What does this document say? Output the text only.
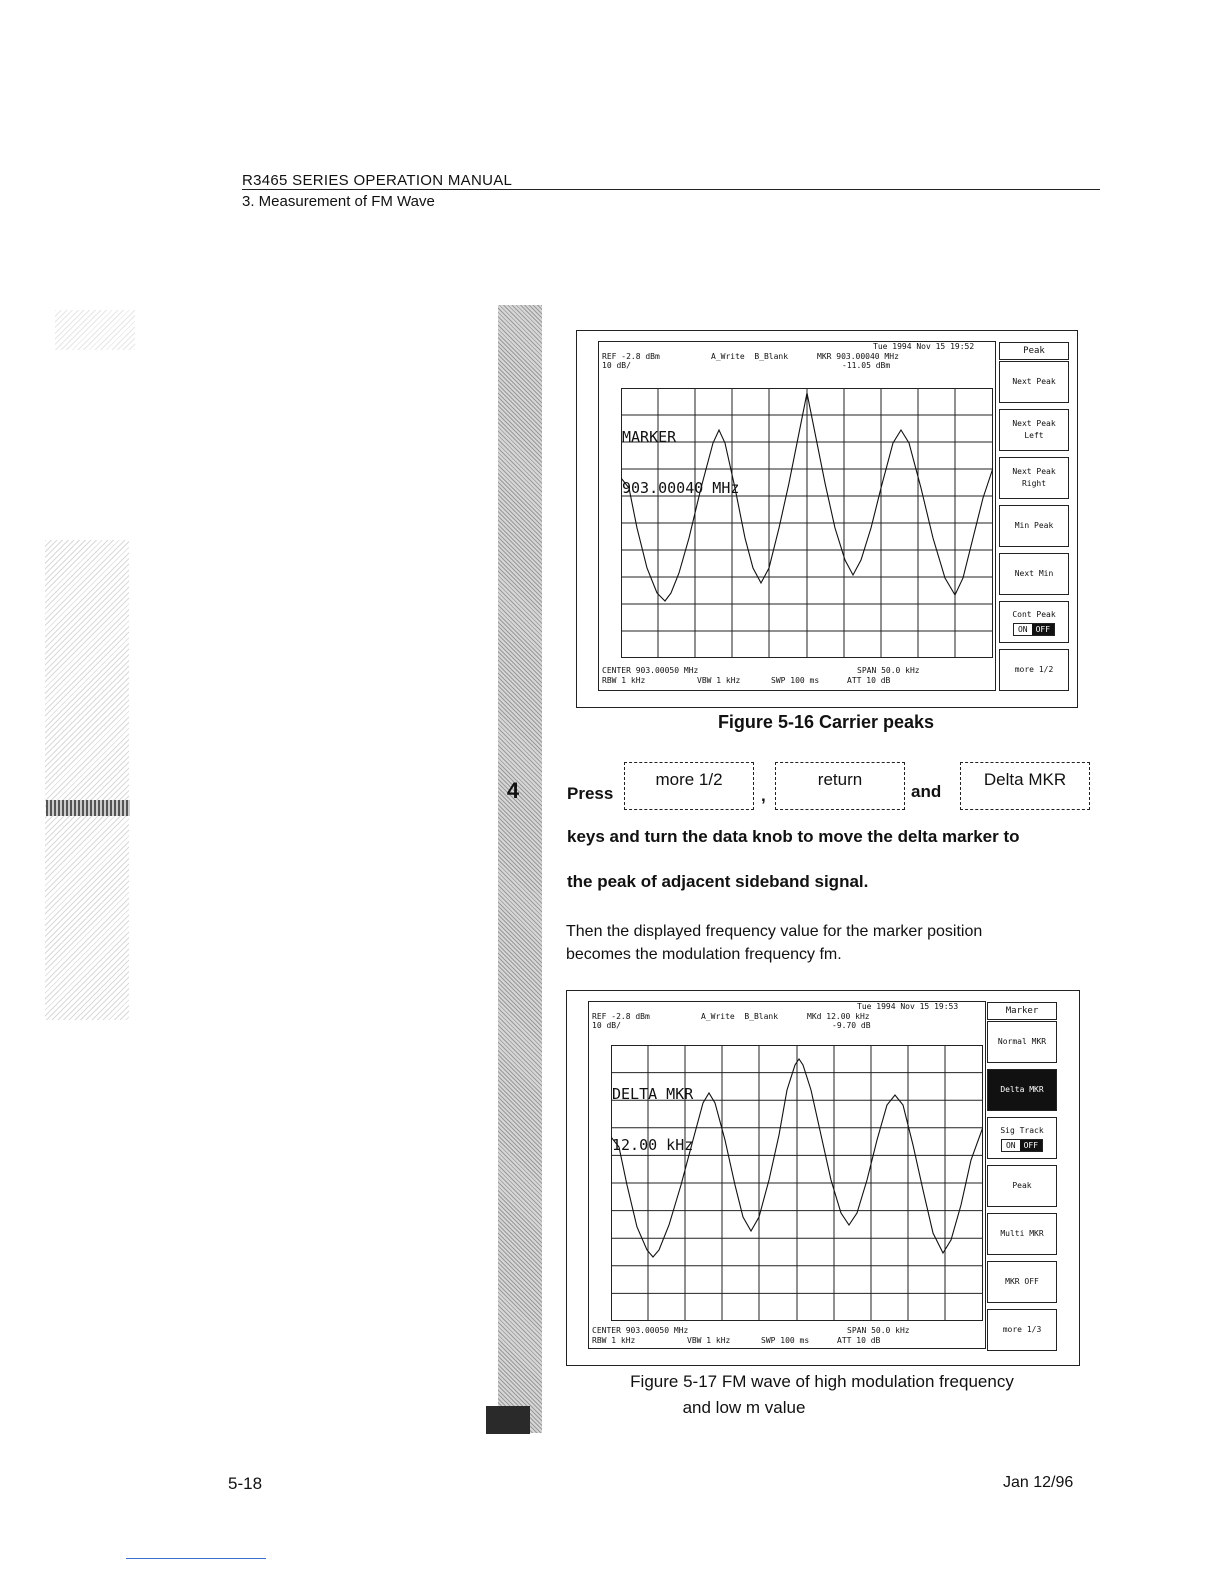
R3465 SERIES OPERATION MANUAL
3. Measurement of FM Wave
4
Tue 1994 Nov 15 19:52
REF -2.8 dBm
10 dB/
A_Write  B_Blank	MKR 903.00040 MHz
-11.05 dBm

MARKER

903.00040 MHz

CENTER 903.00050 MHz	SPAN 50.0 kHz
RBW 1 kHz	VBW 1 kHz	SWP 100 ms	ATT 10 dB
Peak
Next Peak
Next Peak
Left
Next Peak
Right
Min Peak
Next Min
Cont Peak
ON	OFF
more 1/2
Figure 5-16 Carrier peaks
Press
more 1/2
,
return
and
Delta MKR
keys and turn the data knob to move the delta marker to
the peak of adjacent sideband signal.
Then the displayed frequency value for the marker position
becomes the modulation frequency fm.
Tue 1994 Nov 15 19:53
REF -2.8 dBm
10 dB/
A_Write  B_Blank	MKd 12.00 kHz
-9.70 dB

DELTA MKR

12.00 kHz

CENTER 903.00050 MHz	SPAN 50.0 kHz
RBW 1 kHz	VBW 1 kHz	SWP 100 ms	ATT 10 dB
Marker
Normal MKR
Delta MKR
Sig Track
ON	OFF
Peak
Multi MKR
MKR OFF
more 1/3
Figure 5-17 FM wave of high modulation frequency
and low m value
5-18	Jan 12/96
